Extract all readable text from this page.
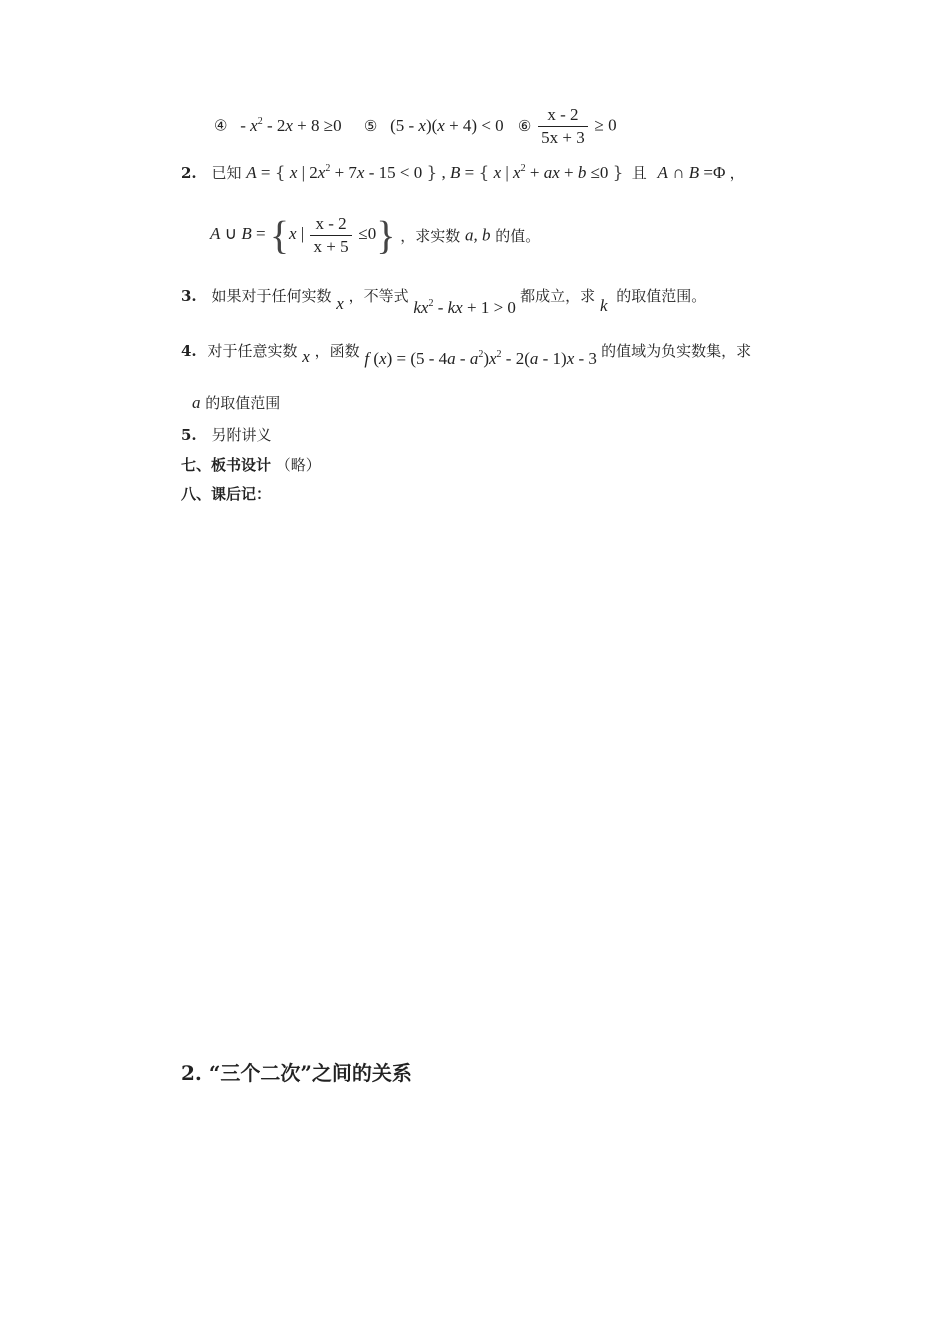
④ - $x^2 - 2x + 8 \ge 0$ ⑤ (5 - x)(x + 4) < 0 ⑥ $\frac{x - 2}{5x + 3} \ge 0$
2. 已知 A = { x | $2x^2 + 7x - 15 < 0$ } , B = { x | $x^2$ + ax + b ≤0 } 且 A ∩ B =Φ ，
A ∪ B = {x | $\frac{x - 2}{x + 5} \le 0$} ，求实数 a, b 的值。
3. 如果对于任何实数 x ，不等式 $kx^2$ - kx + 1 > 0 都成立，求 k 的取值范围。
4. 对于任意实数 x ，函数 f $(x) = (5 - 4a - a^2)x^2 - 2(a - 1)x - 3$ 的值域为负实数集，求
a 的取值范围
5. 另附讲义
七、板书设计 （略）
八、课后记：
2. “三个二次”之间的关系
